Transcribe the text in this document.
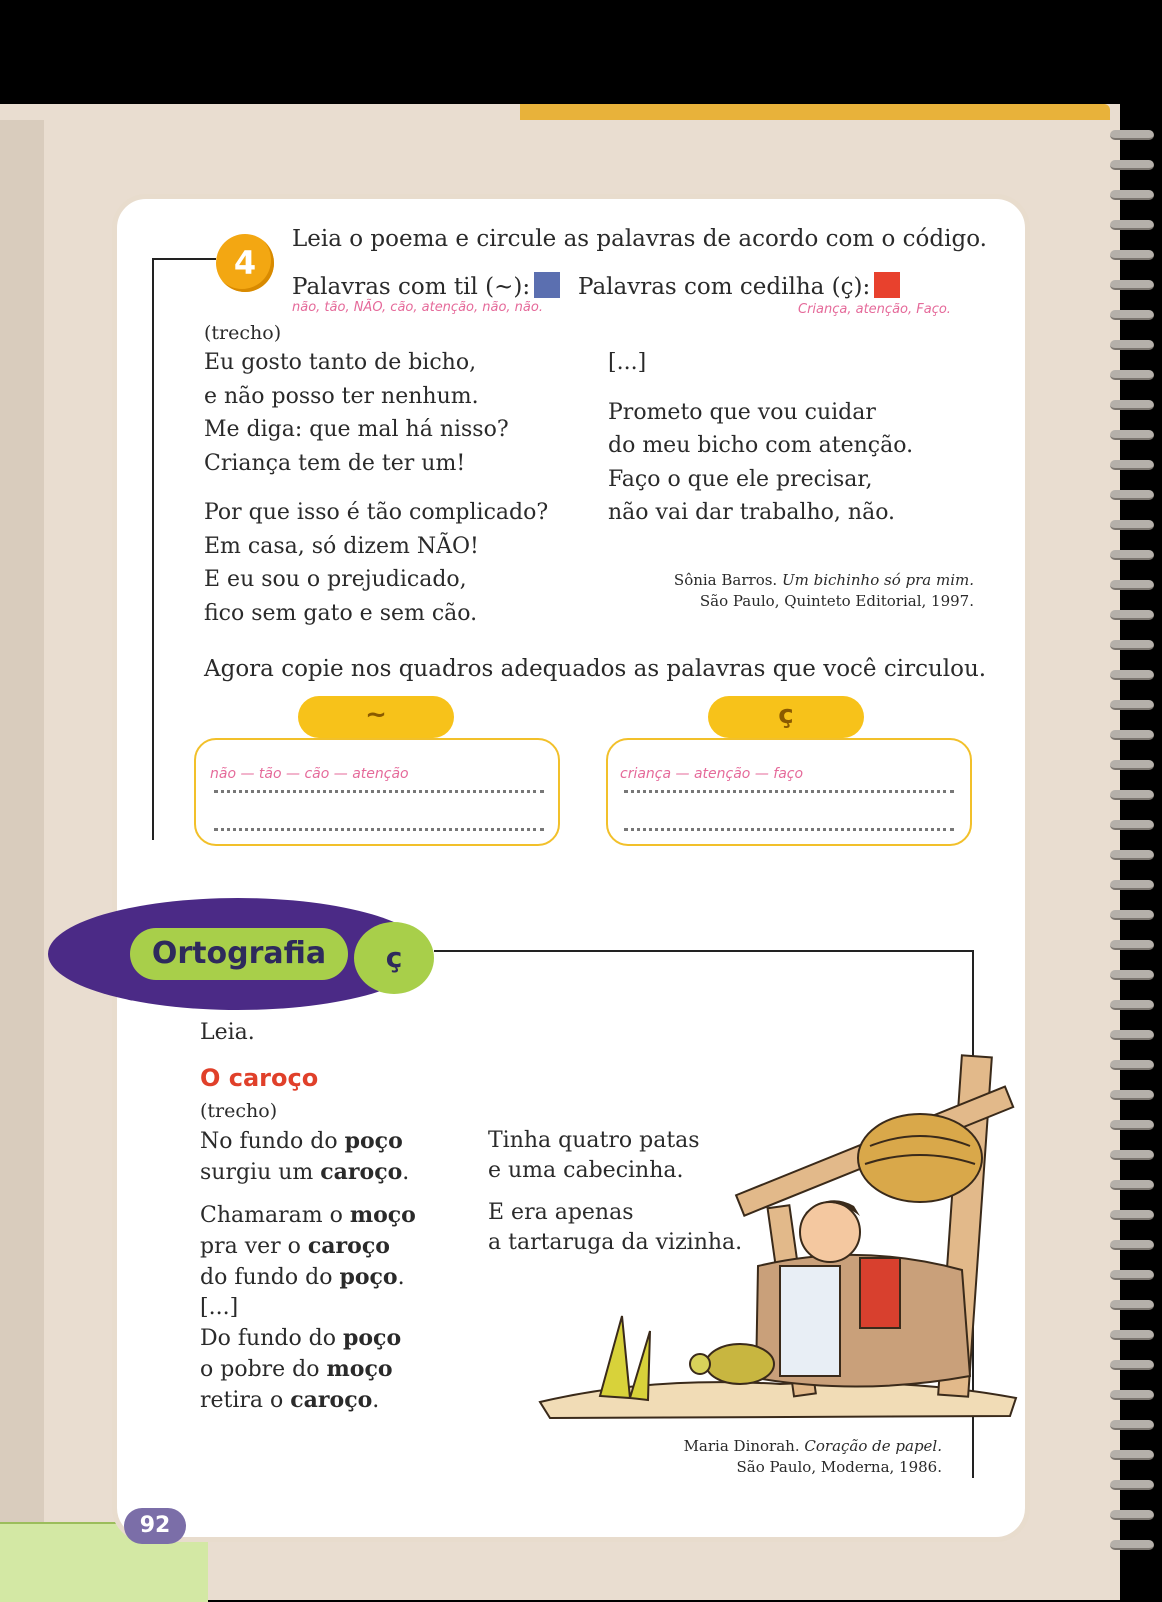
4
Leia o poema e circule as palavras de acordo com o código.
Palavras com til (~):	Palavras com cedilha (ç):
não, tão, NÃO, cão, atenção, não, não.	Criança, atenção, Faço.
(trecho)

Eu gosto tanto de bicho,
e não posso ter nenhum.
Me diga: que mal há nisso?
Criança tem de ter um!

Por que isso é tão complicado?
Em casa, só dizem NÃO!
E eu sou o prejudicado,
fico sem gato e sem cão.

[...]

Prometo que vou cuidar
do meu bicho com atenção.
Faço o que ele precisar,
não vai dar trabalho, não.

Sônia Barros. Um bichinho só pra mim.
São Paulo, Quinteto Editorial, 1997.
Agora copie nos quadros adequados as palavras que você circulou.
~
não — tão — cão — atenção
ç
criança — atenção — faço
Ortografia	ç
Leia.
O caroço
(trecho)

No fundo do poço
surgiu um caroço.

Chamaram o moço
pra ver o caroço
do fundo do poço.
[...]
Do fundo do poço
o pobre do moço
retira o caroço.

Tinha quatro patas
e uma cabecinha.

E era apenas
a tartaruga da vizinha.

Maria Dinorah. Coração de papel.
São Paulo, Moderna, 1986.
92
